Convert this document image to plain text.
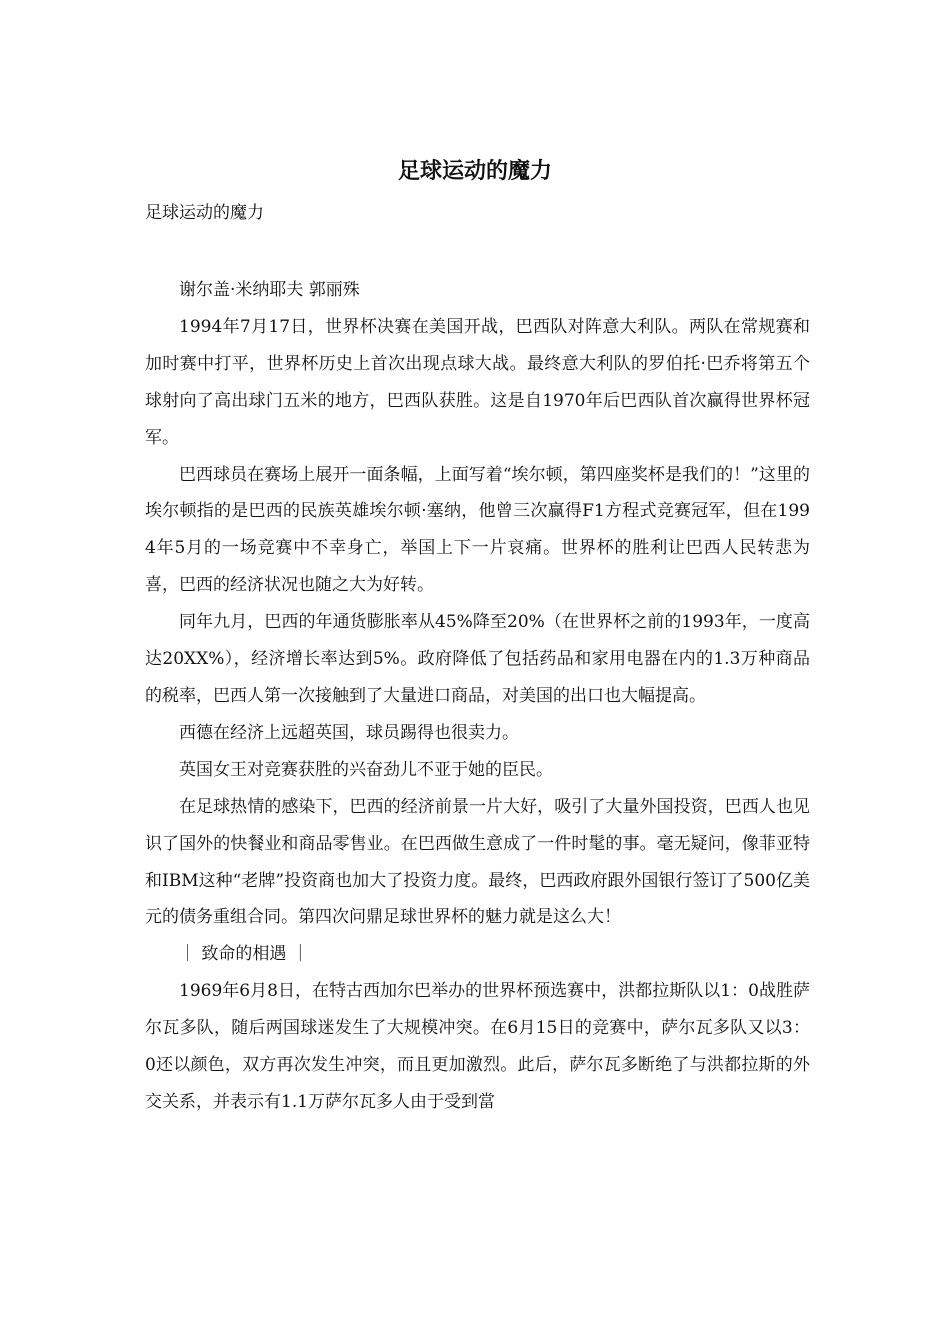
足球运动的魔力

足球运动的魔力

谢尔盖·米纳耶夫 郭丽殊

1994年7月17日，世界杯决赛在美国开战，巴西队对阵意大利队。两队在常规赛和加时赛中打平，世界杯历史上首次出现点球大战。最终意大利队的罗伯托·巴乔将第五个球射向了高出球门五米的地方，巴西队获胜。这是自1970年后巴西队首次赢得世界杯冠军。

巴西球员在赛场上展开一面条幅，上面写着“埃尔顿，第四座奖杯是我们的！”这里的埃尔顿指的是巴西的民族英雄埃尔顿·塞纳，他曾三次赢得F1方程式竞赛冠军，但在1994年5月的一场竞赛中不幸身亡，举国上下一片哀痛。世界杯的胜利让巴西人民转悲为喜，巴西的经济状况也随之大为好转。

同年九月，巴西的年通货膨胀率从45%降至20%（在世界杯之前的1993年，一度高达20XX%），经济增长率达到5%。政府降低了包括药品和家用电器在内的1.3万种商品的税率，巴西人第一次接触到了大量进口商品，对美国的出口也大幅提高。

西德在经济上远超英国，球员踢得也很卖力。

英国女王对竞赛获胜的兴奋劲儿不亚于她的臣民。

在足球热情的感染下，巴西的经济前景一片大好，吸引了大量外国投资，巴西人也见识了国外的快餐业和商品零售业。在巴西做生意成了一件时髦的事。毫无疑问，像菲亚特和IBM这种“老牌”投资商也加大了投资力度。最终，巴西政府跟外国银行签订了500亿美元的债务重组合同。第四次问鼎足球世界杯的魅力就是这么大！

｜ 致命的相遇 ｜

1969年6月8日，在特古西加尔巴举办的世界杯预选赛中，洪都拉斯队以1：0战胜萨尔瓦多队，随后两国球迷发生了大规模冲突。在6月15日的竞赛中，萨尔瓦多队又以3：0还以颜色，双方再次发生冲突，而且更加激烈。此后，萨尔瓦多断绝了与洪都拉斯的外交关系，并表示有1.1万萨尔瓦多人由于受到當
